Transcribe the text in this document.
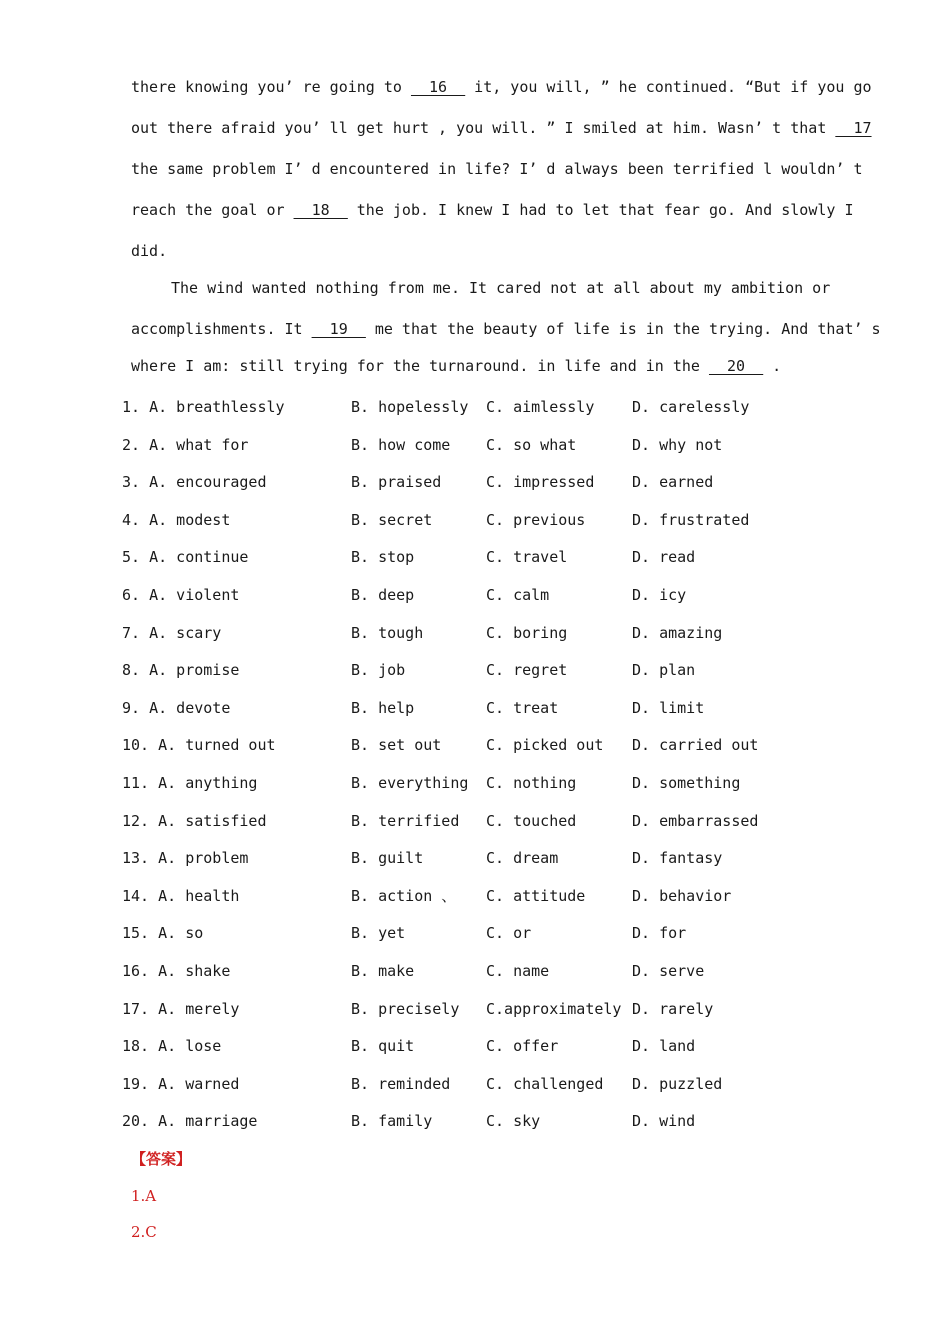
there knowing you’ re going to __16__ it, you will, ” he continued. “But if you go
out there afraid you’ ll get hurt , you will. ” I smiled at him. Wasn’ t that __17
the same problem I’ d encountered in life? I’ d always been terrified l wouldn’ t
reach the goal or __18__ the job. I knew I had to let that fear go. And slowly I
did.
The wind wanted nothing from me. It cared not at all about my ambition or
accomplishments. It __19__ me that the beauty of life is in the trying. And that’ s
where I am: still trying for the turnaround. in life and in the __20__ .
1. A. breathlessly	B. hopelessly C. aimlessly	D. carelessly
2. A. what for	B. how come C. so what	D. why not
3. A. encouraged	B. praised	C. impressed	D. earned
4. A. modest	B. secret	C. previous	D. frustrated
5. A. continue	B. stop	C. travel	D. read
6. A. violent	B. deep	C. calm	D. icy
7. A. scary	B. tough	C. boring	D. amazing
8. A. promise	B. job	C. regret	D. plan
9. A. devote	B. help	C. treat	D. limit
10. A. turned out	B. set out	C. picked out D. carried out
11. A. anything	B. everything C. nothing	D. something
12. A. satisfied	B. terrified C. touched	D. embarrassed
13. A. problem	B. guilt	C. dream	D. fantasy
14. A. health	B. action 、 C. attitude	D. behavior
15. A. so	B. yet	C. or	D. for
16. A. shake	B. make	C. name	D. serve
17. A. merely	B. precisely C.approximately D. rarely
18. A. lose	B. quit	C. offer	D. land
19. A. warned	B. reminded C. challenged D. puzzled
20. A. marriage	B. family	C. sky	D. wind
【答案】
1.A
2.C
